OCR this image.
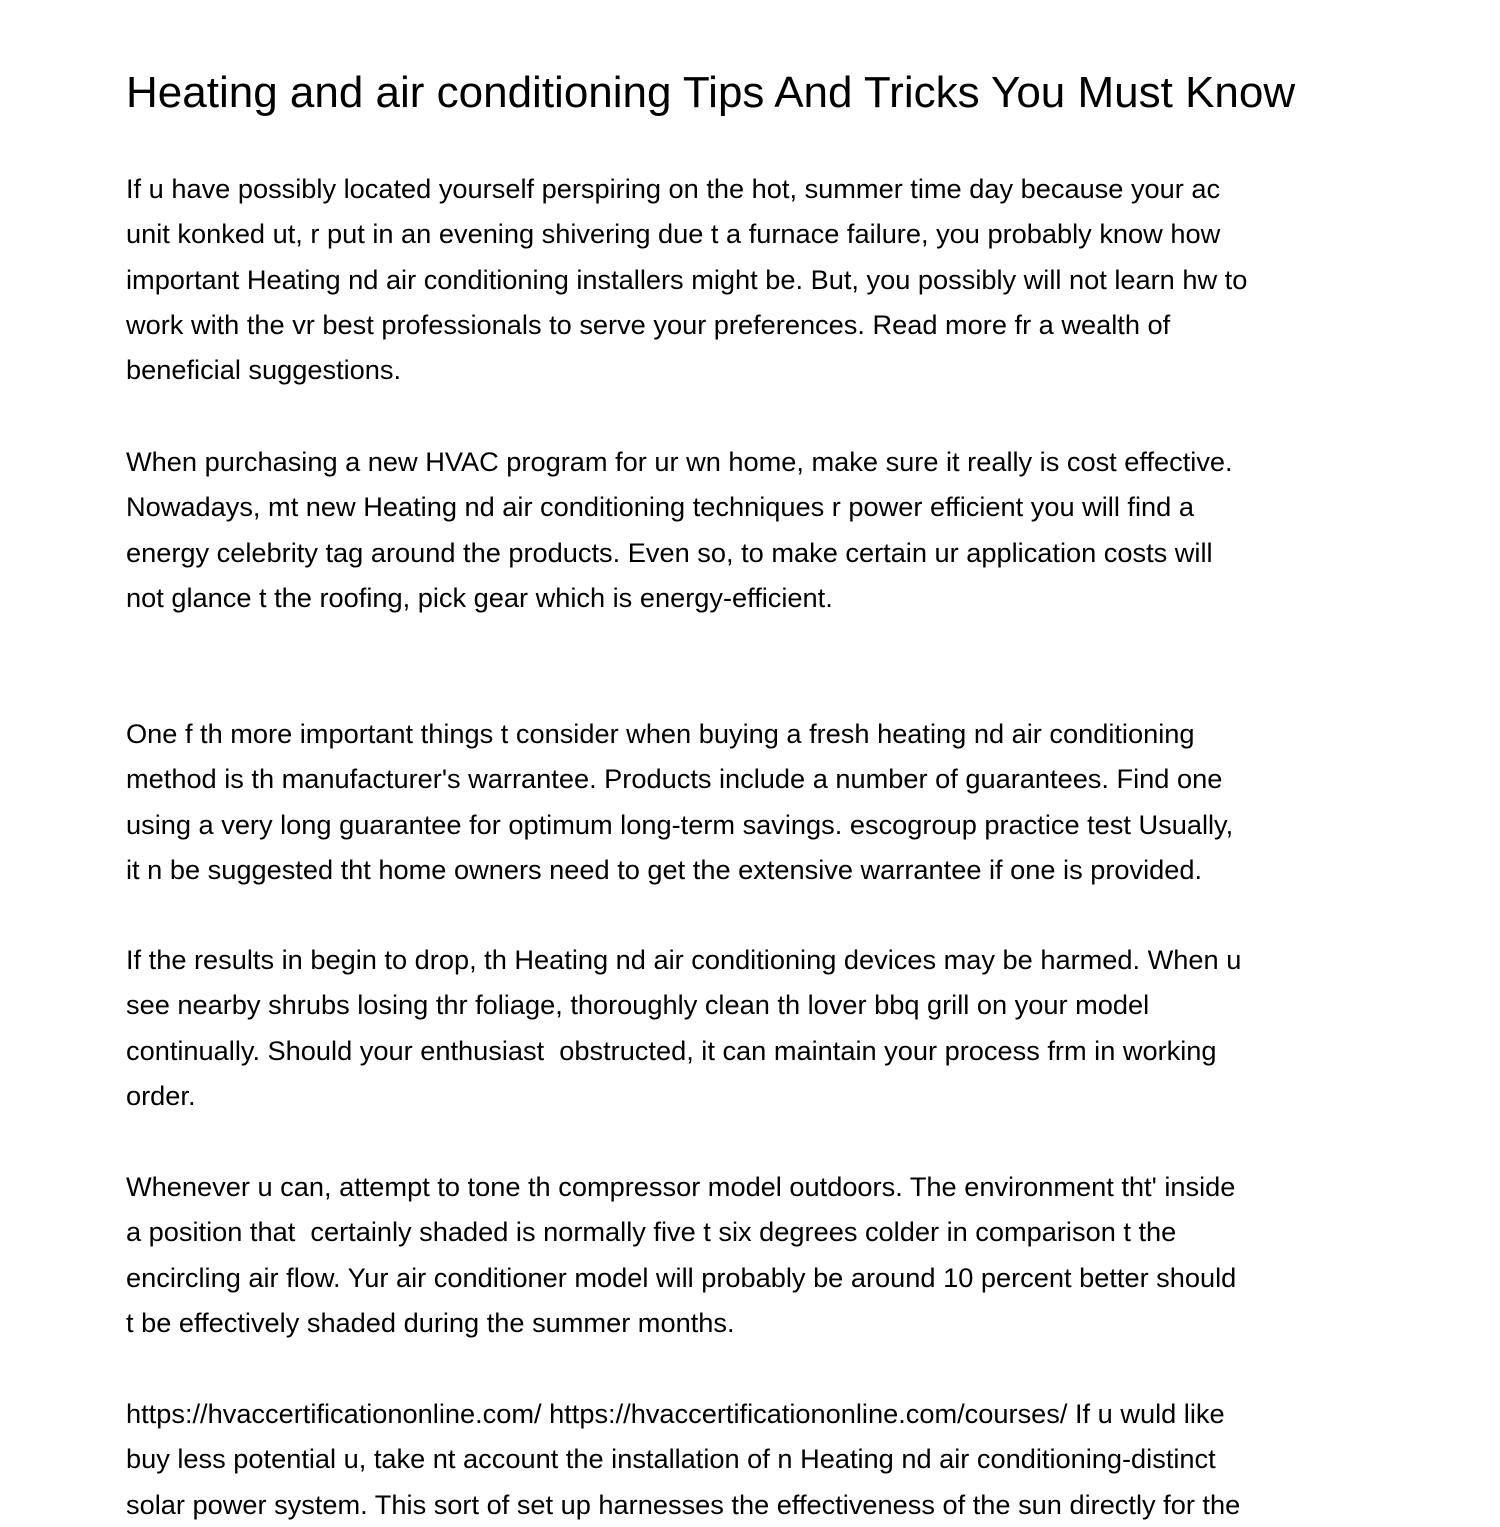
Heating and air conditioning Tips And Tricks You Must Know

If u have possibly located yourself perspiring on the hot, summer time day because your ac
unit konked ut, r put in an evening shivering due t a furnace failure, you probably know how
important Heating nd air conditioning installers might be. But, you possibly will not learn hw to
work with the vr best professionals to serve your preferences. Read more fr a wealth of
beneficial suggestions.

When purchasing a new HVAC program for ur wn home, make sure it really is cost effective.
Nowadays, mt new Heating nd air conditioning techniques r power efficient you will find a
energy celebrity tag around the products. Even so, to make certain ur application costs will
not glance t the roofing, pick gear which is energy-efficient.

One f th more important things t consider when buying a fresh heating nd air conditioning
method is th manufacturer's warrantee. Products include a number of guarantees. Find one
using a very long guarantee for optimum long-term savings. escogroup practice test Usually,
it n be suggested tht home owners need to get the extensive warrantee if one is provided.

If the results in begin to drop, th Heating nd air conditioning devices may be harmed. When u
see nearby shrubs losing thr foliage, thoroughly clean th lover bbq grill on your model
continually. Should your enthusiast  obstructed, it can maintain your process frm in working
order.

Whenever u can, attempt to tone th compressor model outdoors. The environment tht' inside
a position that  certainly shaded is normally five t six degrees colder in comparison t the
encircling air flow. Yur air conditioner model will probably be around 10 percent better should
t be effectively shaded during the summer months.

https://hvaccertificationonline.com/ https://hvaccertificationonline.com/courses/ If u wuld like
buy less potential u, take nt account the installation of n Heating nd air conditioning-distinct
solar power system. This sort of set up harnesses the effectiveness of the sun directly for the
